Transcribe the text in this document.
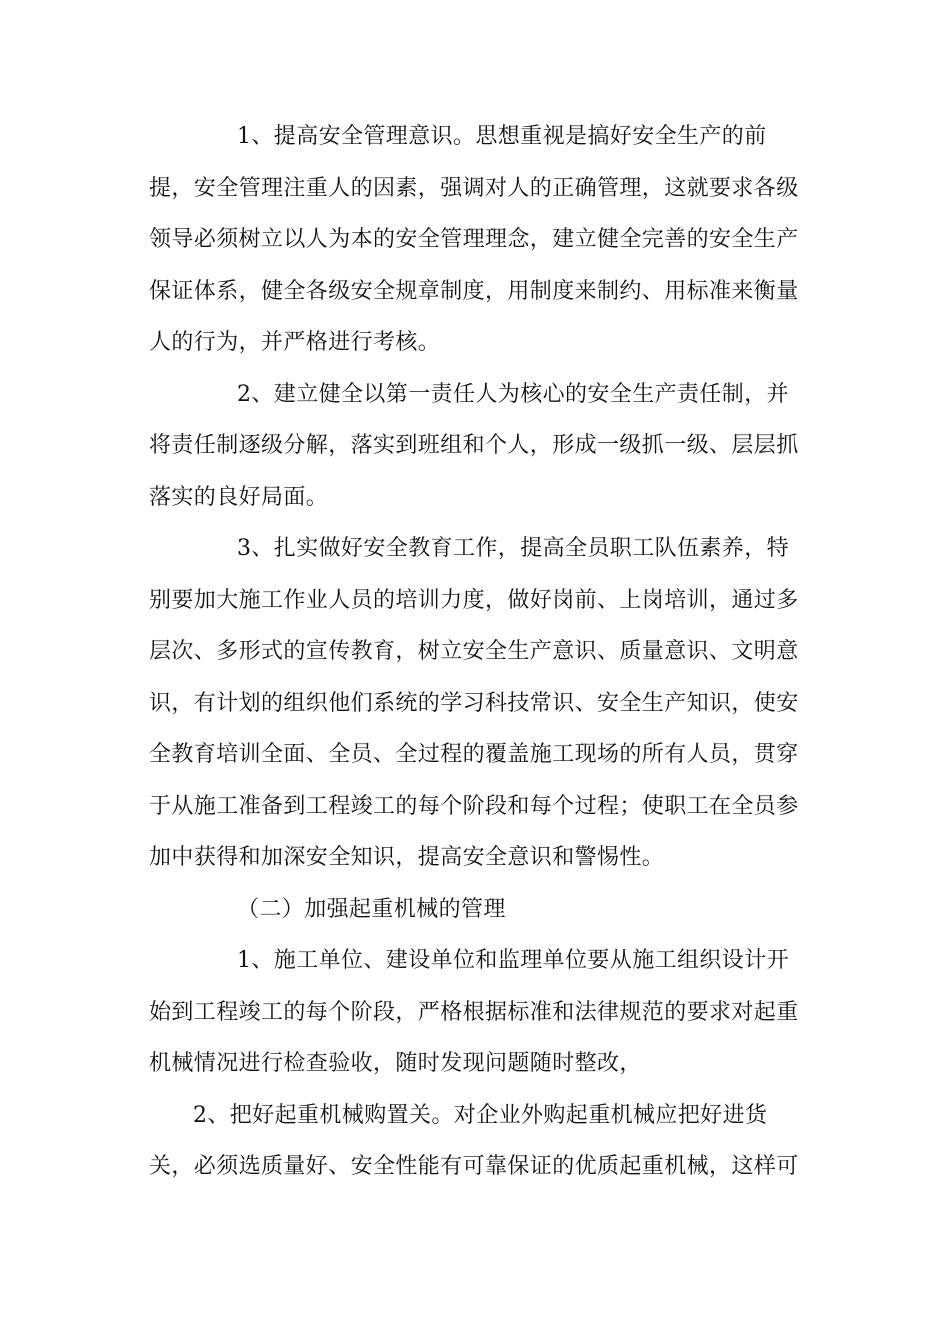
1、提高安全管理意识。思想重视是搞好安全生产的前
提，安全管理注重人的因素，强调对人的正确管理，这就要求各级
领导必须树立以人为本的安全管理理念，建立健全完善的安全生产
保证体系，健全各级安全规章制度，用制度来制约、用标准来衡量
人的行为，并严格进行考核。
2、建立健全以第一责任人为核心的安全生产责任制，并
将责任制逐级分解，落实到班组和个人，形成一级抓一级、层层抓
落实的良好局面。
3、扎实做好安全教育工作，提高全员职工队伍素养，特
别要加大施工作业人员的培训力度，做好岗前、上岗培训，通过多
层次、多形式的宣传教育，树立安全生产意识、质量意识、文明意
识，有计划的组织他们系统的学习科技常识、安全生产知识，使安
全教育培训全面、全员、全过程的覆盖施工现场的所有人员，贯穿
于从施工准备到工程竣工的每个阶段和每个过程；使职工在全员参
加中获得和加深安全知识，提高安全意识和警惕性。
（二）加强起重机械的管理
1、施工单位、建设单位和监理单位要从施工组织设计开
始到工程竣工的每个阶段，严格根据标准和法律规范的要求对起重
机械情况进行检查验收，随时发现问题随时整改，
2、把好起重机械购置关。对企业外购起重机械应把好进货
关，必须选质量好、安全性能有可靠保证的优质起重机械，这样可
